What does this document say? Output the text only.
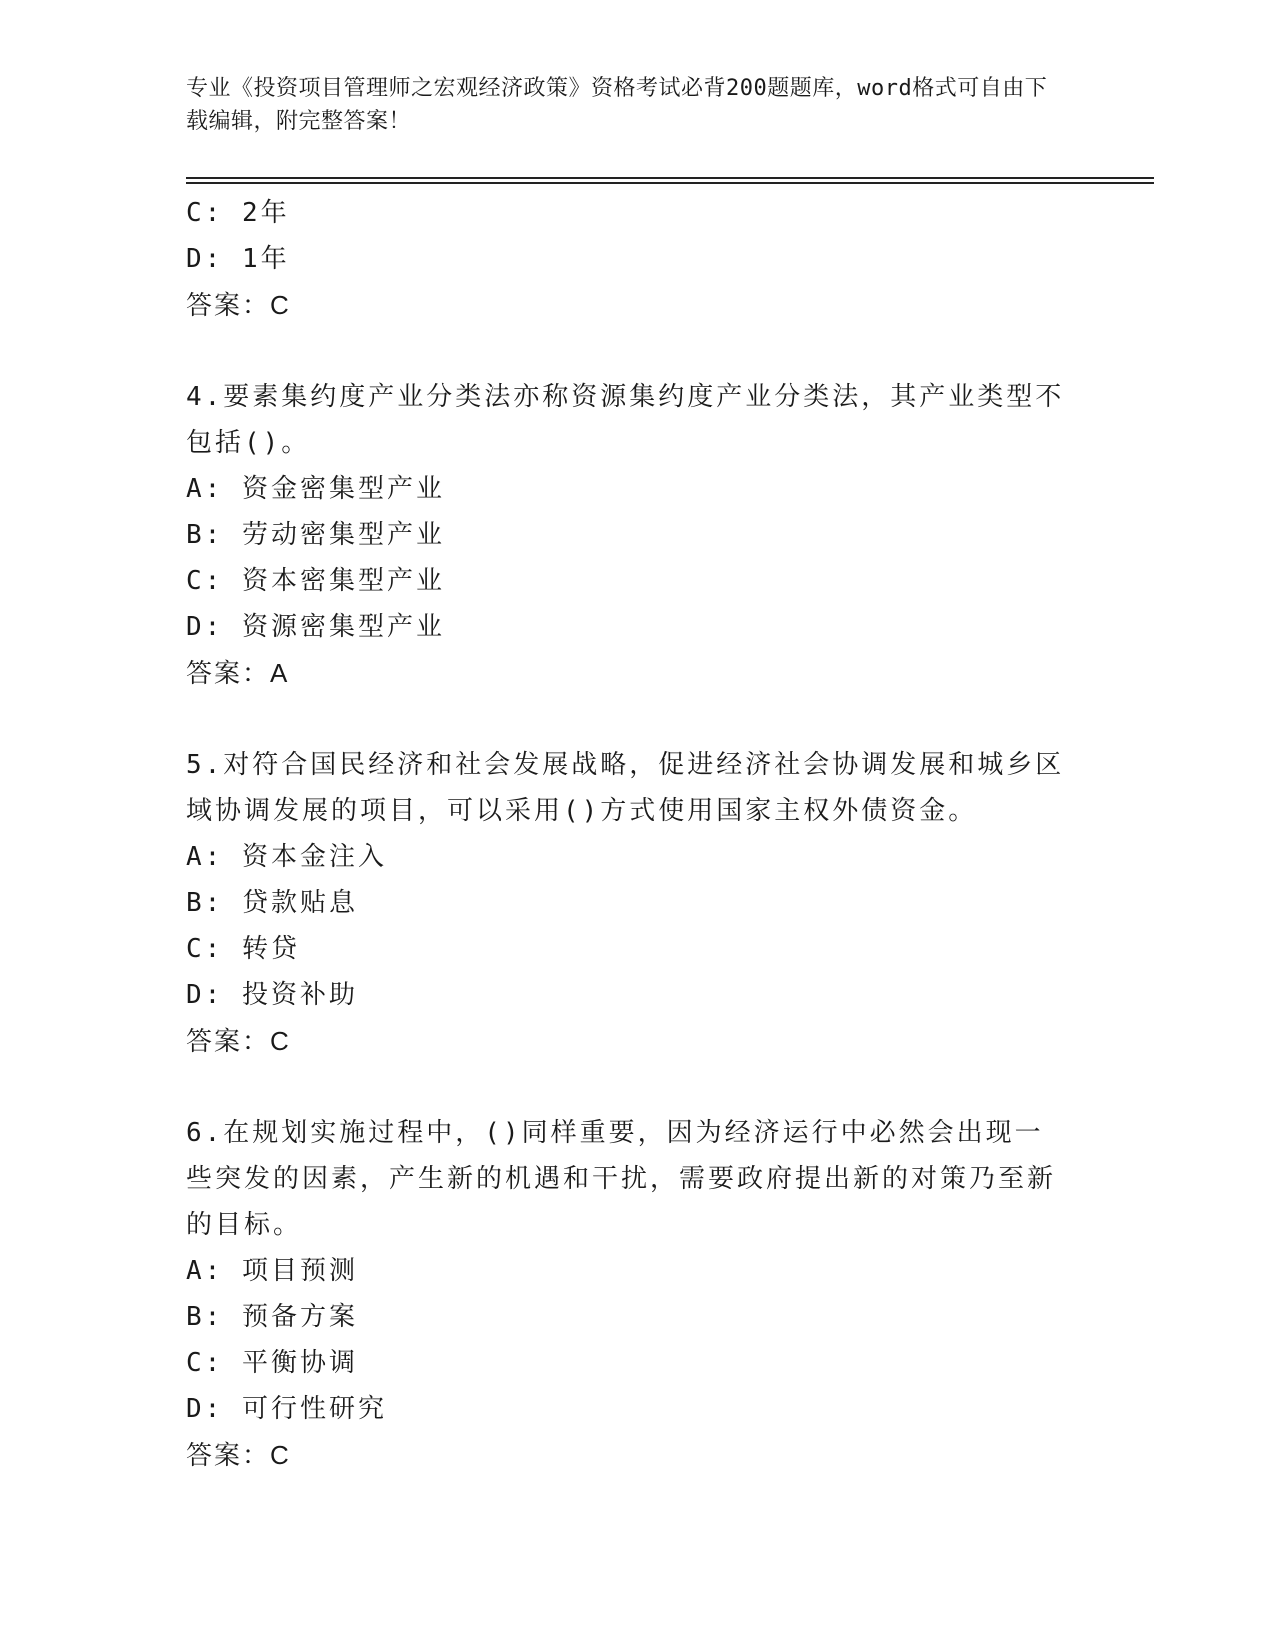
专业《投资项目管理师之宏观经济政策》资格考试必背200题题库，word格式可自由下载编辑，附完整答案！
C: 2年
D: 1年
答案：C
4.要素集约度产业分类法亦称资源集约度产业分类法，其产业类型不包括()。
A: 资金密集型产业
B: 劳动密集型产业
C: 资本密集型产业
D: 资源密集型产业
答案：A
5.对符合国民经济和社会发展战略，促进经济社会协调发展和城乡区域协调发展的项目，可以采用()方式使用国家主权外债资金。
A: 资本金注入
B: 贷款贴息
C: 转贷
D: 投资补助
答案：C
6.在规划实施过程中，()同样重要，因为经济运行中必然会出现一些突发的因素，产生新的机遇和干扰，需要政府提出新的对策乃至新的目标。
A: 项目预测
B: 预备方案
C: 平衡协调
D: 可行性研究
答案：C
